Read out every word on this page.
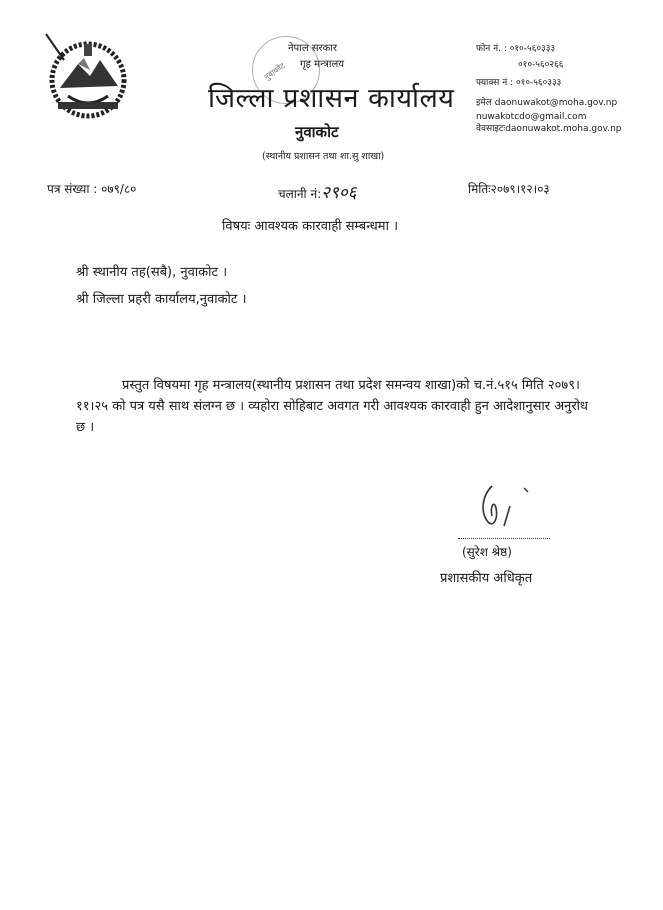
नुवाकोट
नेपाल सरकार
गृह मन्त्रालय
जिल्ला प्रशासन कार्यालय
नुवाकोट
(स्थानीय प्रशासन तथा शा.सु शाखा)
फोन नं. : ०१०-५६०३३३
०१०-५६०२६६
फ्याक्स नं : ०१०-५६०३३३
इमेल daonuwakot@moha.gov.np
nuwakotcdo@gmail.com
वेवसाइटःdaonuwakot.moha.gov.np
पत्र संख्या : ०७९/८०	चलानी नं:२९०६	मितिः२०७९।१२।०३
विषयः आवश्यक कारवाही सम्बन्धमा ।
श्री स्थानीय तह(सबै), नुवाकोट ।
श्री जिल्ला प्रहरी कार्यालय,नुवाकोट ।
प्रस्तुत विषयमा गृह मन्त्रालय(स्थानीय प्रशासन तथा प्रदेश समन्वय शाखा)को च.नं.५१५ मिति २०७९।११।२५ को पत्र यसै साथ संलग्न छ । व्यहोरा सोहिबाट अवगत गरी आवश्यक कारवाही हुन आदेशानुसार अनुरोध छ ।
(सुरेश श्रेष्ठ)
प्रशासकीय अधिकृत
